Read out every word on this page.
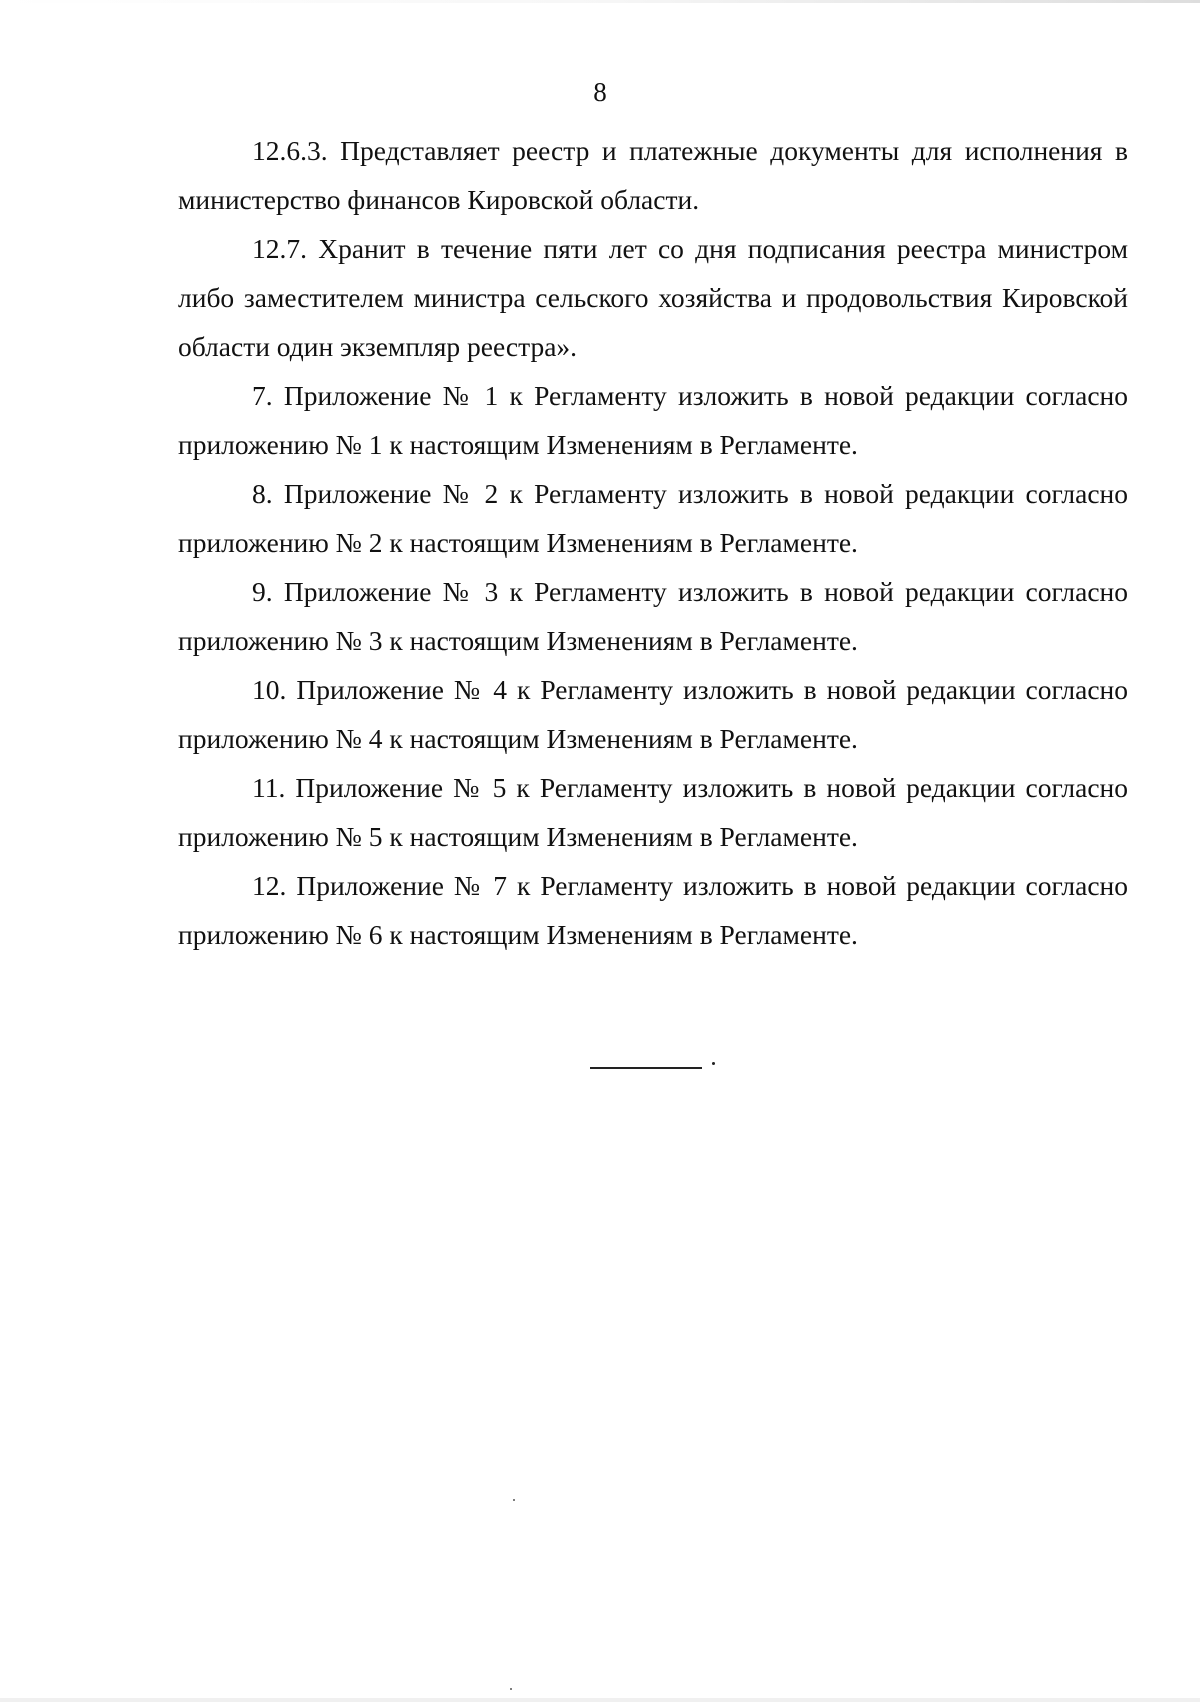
8

12.6.3. Представляет реестр и платежные документы для исполнения в министерство финансов Кировской области.

12.7. Хранит в течение пяти лет со дня подписания реестра министром либо заместителем министра сельского хозяйства и продовольствия Кировской области один экземпляр реестра».

7. Приложение № 1 к Регламенту изложить в новой редакции согласно приложению № 1 к настоящим Изменениям в Регламенте.

8. Приложение № 2 к Регламенту изложить в новой редакции согласно приложению № 2 к настоящим Изменениям в Регламенте.

9. Приложение № 3 к Регламенту изложить в новой редакции согласно приложению № 3 к настоящим Изменениям в Регламенте.

10. Приложение № 4 к Регламенту изложить в новой редакции согласно приложению № 4 к настоящим Изменениям в Регламенте.

11. Приложение № 5 к Регламенту изложить в новой редакции согласно приложению № 5 к настоящим Изменениям в Регламенте.

12. Приложение № 7 к Регламенту изложить в новой редакции согласно приложению № 6 к настоящим Изменениям в Регламенте.
